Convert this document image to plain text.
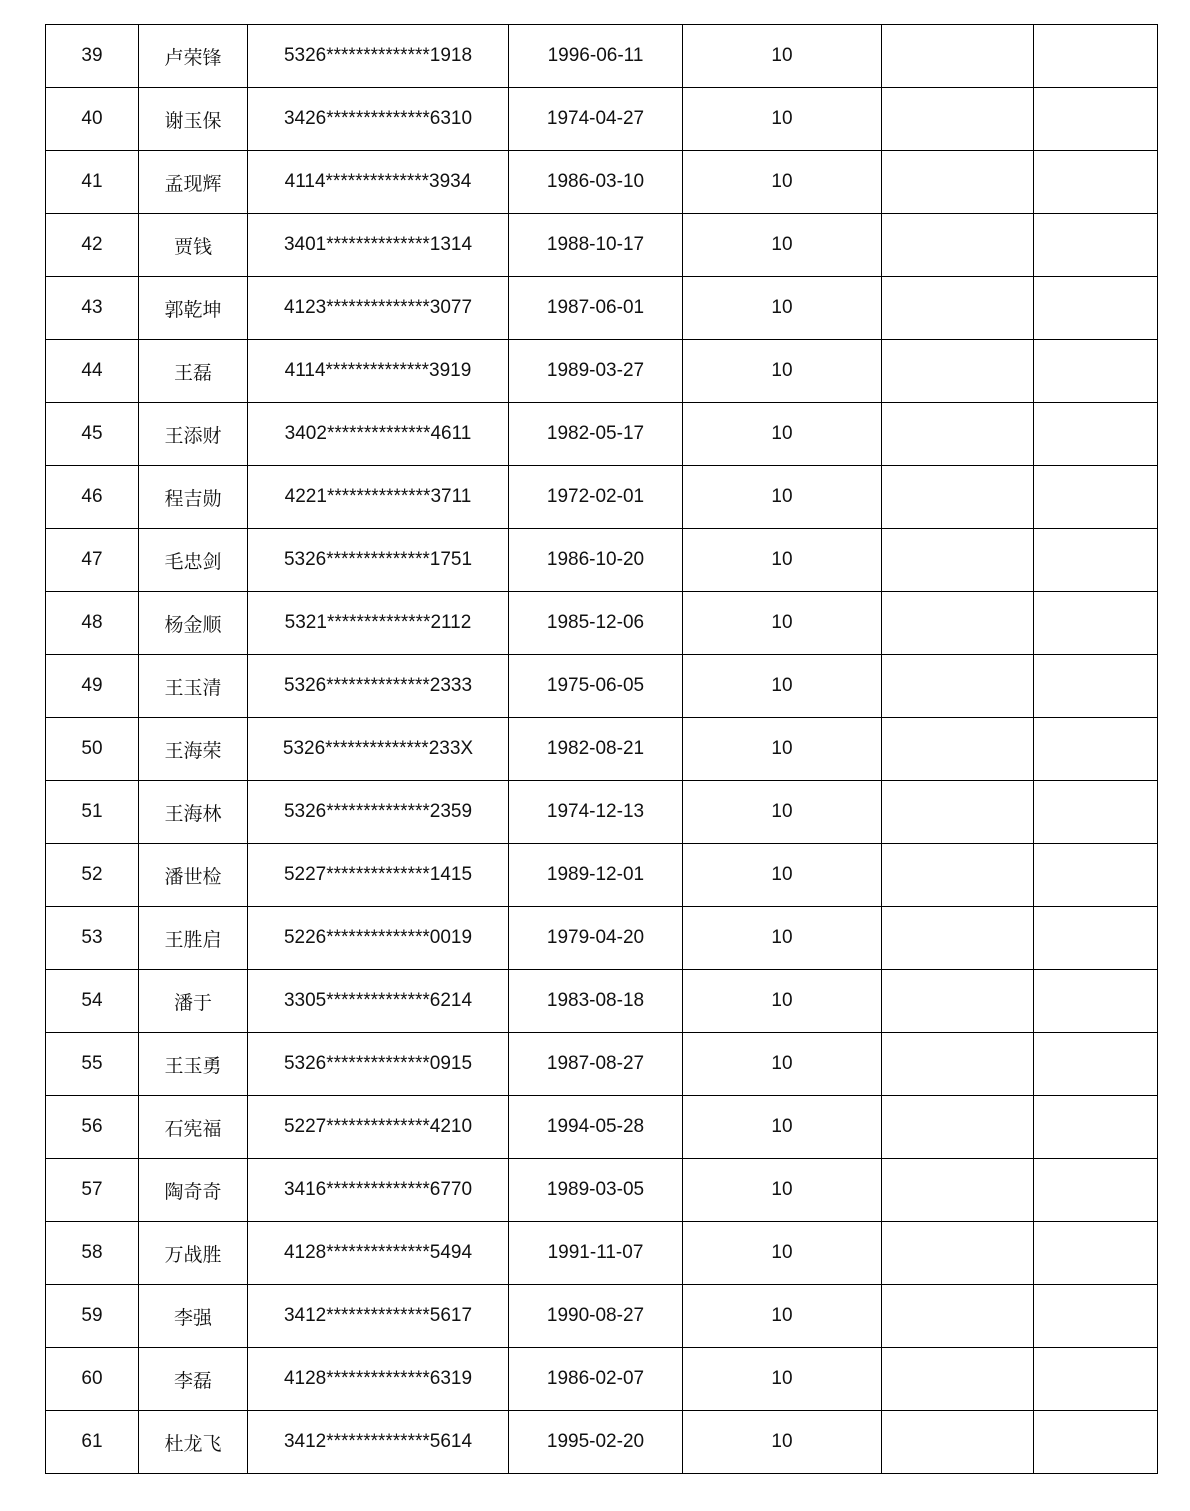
39	卢荣锋	5326**************1918	1996-06-11	10		
40	谢玉保	3426**************6310	1974-04-27	10		
41	孟现辉	4114**************3934	1986-03-10	10		
42	贾钱	3401**************1314	1988-10-17	10		
43	郭乾坤	4123**************3077	1987-06-01	10		
44	王磊	4114**************3919	1989-03-27	10		
45	王添财	3402**************4611	1982-05-17	10		
46	程吉勋	4221**************3711	1972-02-01	10		
47	毛忠剑	5326**************1751	1986-10-20	10		
48	杨金顺	5321**************2112	1985-12-06	10		
49	王玉清	5326**************2333	1975-06-05	10		
50	王海荣	5326**************233X	1982-08-21	10		
51	王海林	5326**************2359	1974-12-13	10		
52	潘世检	5227**************1415	1989-12-01	10		
53	王胜启	5226**************0019	1979-04-20	10		
54	潘于	3305**************6214	1983-08-18	10		
55	王玉勇	5326**************0915	1987-08-27	10		
56	石宪福	5227**************4210	1994-05-28	10		
57	陶奇奇	3416**************6770	1989-03-05	10		
58	万战胜	4128**************5494	1991-11-07	10		
59	李强	3412**************5617	1990-08-27	10		
60	李磊	4128**************6319	1986-02-07	10		
61	杜龙飞	3412**************5614	1995-02-20	10		
